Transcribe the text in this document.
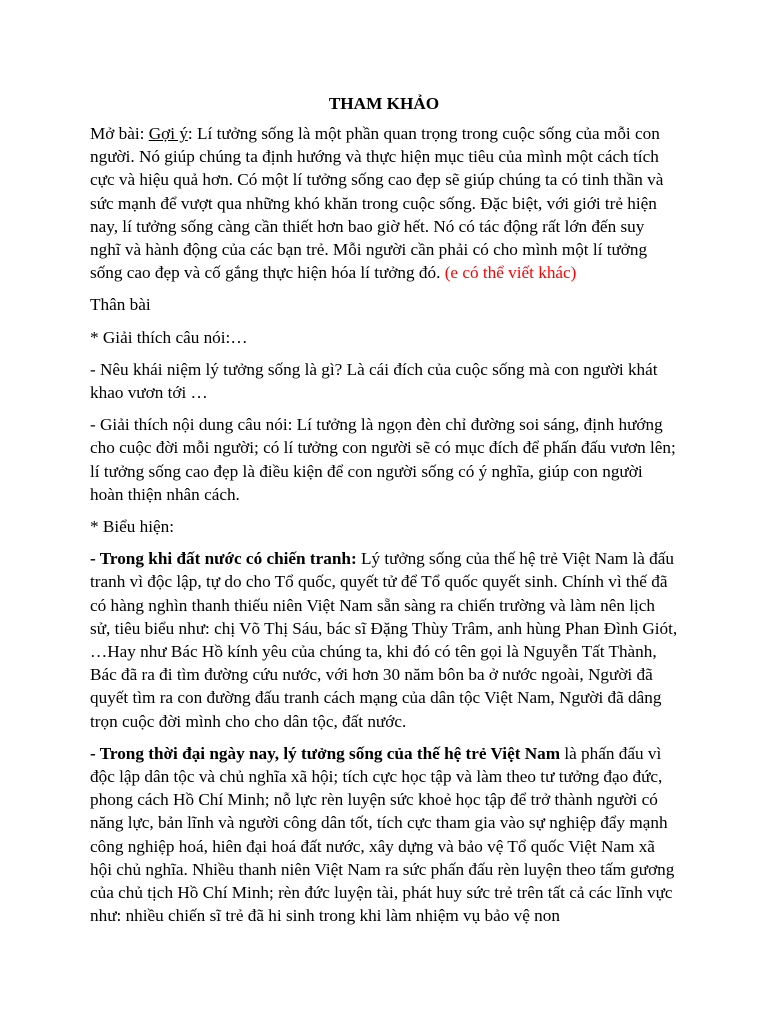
THAM KHẢO

Mở bài: Gợi ý: Lí tưởng sống là một phần quan trọng trong cuộc sống của mỗi con người. Nó giúp chúng ta định hướng và thực hiện mục tiêu của mình một cách tích cực và hiệu quả hơn. Có một lí tưởng sống cao đẹp sẽ giúp chúng ta có tinh thần và sức mạnh để vượt qua những khó khăn trong cuộc sống. Đặc biệt, với giới trẻ hiện nay, lí tưởng sống càng cần thiết hơn bao giờ hết. Nó có tác động rất lớn đến suy nghĩ và hành động của các bạn trẻ. Mỗi người cần phải có cho mình một lí tưởng sống cao đẹp và cố gắng thực hiện hóa lí tưởng đó. (e có thể viết khác)

Thân bài

* Giải thích câu nói:…

- Nêu khái niệm lý tưởng sống là gì? Là cái đích của cuộc sống mà con người khát khao vươn tới …

- Giải thích nội dung câu nói: Lí tưởng là ngọn đèn chỉ đường soi sáng, định hướng cho cuộc đời mỗi người; có lí tưởng con người sẽ có mục đích để phấn đấu vươn lên; lí tưởng sống cao đẹp là điều kiện để con người sống có ý nghĩa, giúp con người hoàn thiện nhân cách.

* Biểu hiện:

- Trong khi đất nước có chiến tranh: Lý tưởng sống của thế hệ trẻ Việt Nam là đấu tranh vì độc lập, tự do cho Tổ quốc, quyết tử để Tổ quốc quyết sinh. Chính vì thế đã có hàng nghìn thanh thiếu niên Việt Nam sẵn sàng ra chiến trường và làm nên lịch sử, tiêu biểu như: chị Võ Thị Sáu, bác sĩ Đặng Thùy Trâm, anh hùng Phan Đình Giót, …Hay như Bác Hồ kính yêu của chúng ta, khi đó có tên gọi là Nguyễn Tất Thành, Bác đã ra đi tìm đường cứu nước, với hơn 30 năm bôn ba ở nước ngoài, Người đã quyết tìm ra con đường đấu tranh cách mạng của dân tộc Việt Nam, Người đã dâng trọn cuộc đời mình cho cho dân tộc, đất nước.

- Trong thời đại ngày nay, lý tưởng sống của thế hệ trẻ Việt Nam là phấn đấu vì độc lập dân tộc và chủ nghĩa xã hội; tích cực học tập và làm theo tư tưởng đạo đức, phong cách Hồ Chí Minh; nỗ lực rèn luyện sức khoẻ học tập để trở thành người có năng lực, bản lĩnh và người công dân tốt, tích cực tham gia vào sự nghiệp đẩy mạnh công nghiệp hoá, hiên đại hoá đất nước, xây dựng và bảo vệ Tổ quốc Việt Nam xã hội chủ nghĩa. Nhiều thanh niên Việt Nam ra sức phấn đấu rèn luyện theo tấm gương của chủ tịch Hồ Chí Minh; rèn đức luyện tài, phát huy sức trẻ trên tất cả các lĩnh vực như: nhiều chiến sĩ trẻ đã hi sinh trong khi làm nhiệm vụ bảo vệ non
